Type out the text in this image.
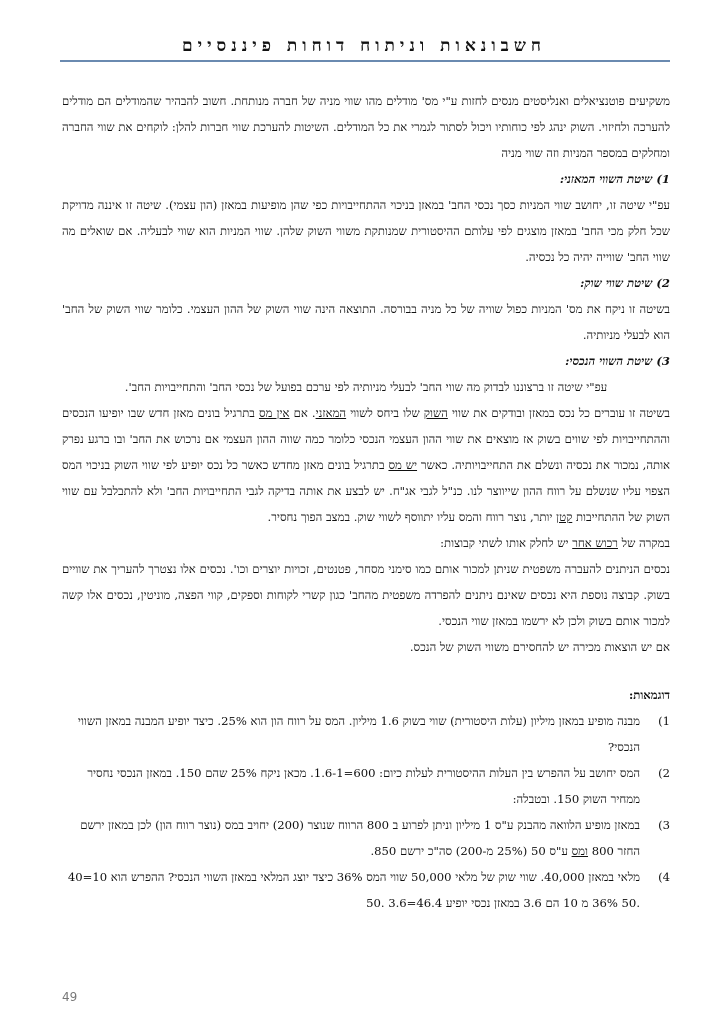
חשבונאות וניתוח דוחות פיננסיים

משקיעים פוטנציאלים ואנליסטים מנסים לחזות ע"י מס' מודלים מהו שווי מניה של חברה מנותחת. חשוב להבהיר שהמודלים הם מודלים להערכה ולחיזוי. השוק ינהג לפי כוחותיו ויכול לסתור לגמרי את כל המודלים. השיטות להערכת שווי חברות להלן: לוקחים את שווי החברה ומחלקים במספר המניות וזה שווי מניה

1) שיטת השווי המאזני:

עפ"י שיטה זו, יחושב שווי המניות כסך נכסי החב' במאזן בניכוי ההתחייבויות כפי שהן מופיעות במאזן (הון עצמי). שיטה זו איננה מדויקת שכל חלק מכי החב' במאזן מוצגים לפי עלותם ההיסטורית שמנותקת משווי השוק שלהן. שווי המניות הוא שווי לבעליה. אם שואלים מה שווי החב' שווייה יהיה כל נכסיה.

2) שיטת שווי שוק:

בשיטה זו ניקח את מס' המניות כפול שוויה של כל מניה בבורסה. התוצאה הינה שווי השוק של ההון העצמי. כלומר שווי השוק של החב' הוא לבעלי מניותיה.

3) שיטת השווי הנכסי:

עפ"י שיטה זו ברצוננו לבדוק מה שווי החב' לבעלי מניותיה לפי ערכם בפועל של נכסי החב' והתחייבויות החב'.

בשיטה זו עוברים כל נכס במאזן ובודקים את שווי השוק שלו ביחס לשווי המאזני. אם אין מס בתרגיל בונים מאזן חדש שבו יופיעו הנכסים וההתחייבויות לפי שווים בשוק אז מוצאים את שווי ההון העצמי הנכסי כלומר כמה שווה ההון העצמי אם נרכוש את החב' ובו ברגע נפרק אותה, נמכור את נכסיה ונשלם את התחייבויותיה. כאשר יש מס בתרגיל בונים מאזן מחדש כאשר כל נכס יופיע לפי שווי השוק בניכוי המס הצפוי עליו שנשלם על רווח ההון שייווצר לנו. כנ"ל לגבי אג"ח. יש לבצע את אותה בדיקה לגבי התחייבויות החב' ולא להתבלבל עם שווי השוק של ההתחייבות קטן יותר, נוצר רווח והמס עליו יתווסף לשווי שוק. במצב הפוך נחסיר.

במקרה של רכוש אחר יש לחלק אותו לשתי קבוצות:

נכסים הניתנים להעברה משפטית שניתן למכור אותם כמו סימני מסחר, פטנטים, זכויות יוצרים וכו'. נכסים אלו נצטרך להעריך את שוויים בשוק. קבוצה נוספת היא נכסים שאינם ניתנים להפרדה משפטית מהחב' כגון קשרי לקוחות וספקים, קווי הפצה, מוניטין, נכסים אלו קשה למכור אותם בשוק ולכן לא ירשמו במאזן שווי הנכסי.

אם יש הוצאות מכירה יש להחסירם משווי השוק של הנכס.

דוגמאות:

1)
מבנה מופיע במאזן מיליון (עלות היסטורית) שווי בשוק 1.6 מיליון. המס על רווח הון הוא 25%. כיצד יופיע המבנה במאזן השווי הנכסי?
2)
המס יחושב על ההפרש בין העלות ההיסטורית לעלות כיום: 600=1.6-1. מכאן ניקח 25% שהם 150. במאזן הנכסי נחסיר ממחיר השוק 150. ובטבלה:
3)
במאזן מופיע הלוואה מהבנק ע"ס 1 מיליון וניתן לפרוע ב 800 הרווח שנוצר (200) יחויב במס (נוצר רווח הון) לכן במאזן ירשם החזר 800 ומס ע"ס 50 (25% מ-200) סה"כ ירשם 850.
4)
מלאי במאזן 40,000. שווי שוק של מלאי 50,000 שווי המס 36% כיצד יוצג המלאי במאזן השווי הנכסי? ההפרש הוא 10=40 .50 36% מ 10 הם 3.6 במאזן נכסי יופיע 46.4=3.6 .50
49
